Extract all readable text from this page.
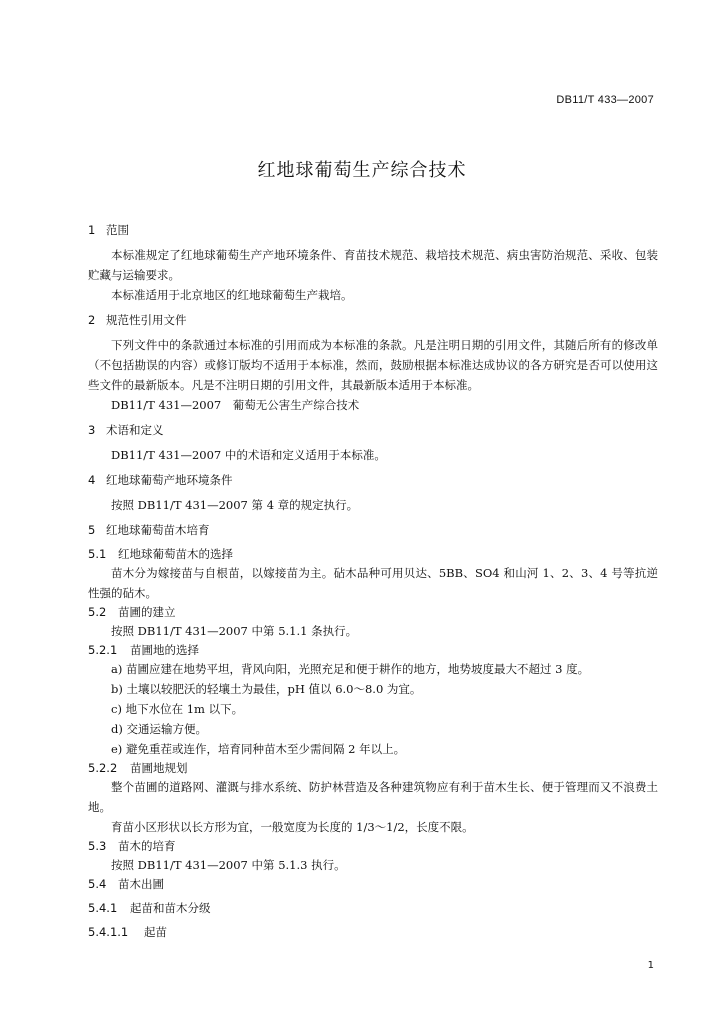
DB11/T 433—2007
红地球葡萄生产综合技术
1 范围
本标准规定了红地球葡萄生产产地环境条件、育苗技术规范、栽培技术规范、病虫害防治规范、采收、包装贮藏与运输要求。
本标准适用于北京地区的红地球葡萄生产栽培。
2 规范性引用文件
下列文件中的条款通过本标准的引用而成为本标准的条款。凡是注明日期的引用文件，其随后所有的修改单（不包括勘误的内容）或修订版均不适用于本标准，然而，鼓励根据本标准达成协议的各方研究是否可以使用这些文件的最新版本。凡是不注明日期的引用文件，其最新版本适用于本标准。
DB11/T 431—2007　葡萄无公害生产综合技术
3 术语和定义
DB11/T 431—2007 中的术语和定义适用于本标准。
4 红地球葡萄产地环境条件
按照 DB11/T 431—2007 第 4 章的规定执行。
5 红地球葡萄苗木培育
5.1 红地球葡萄苗木的选择
苗木分为嫁接苗与自根苗，以嫁接苗为主。砧木品种可用贝达、5BB、SO4 和山河 1、2、3、4 号等抗逆性强的砧木。
5.2 苗圃的建立
按照 DB11/T 431—2007 中第 5.1.1 条执行。
5.2.1 苗圃地的选择
a) 苗圃应建在地势平坦，背风向阳，光照充足和便于耕作的地方，地势坡度最大不超过 3 度。
b) 土壤以较肥沃的轻壤土为最佳，pH 值以 6.0～8.0 为宜。
c) 地下水位在 1m 以下。
d) 交通运输方便。
e) 避免重茬或连作，培育同种苗木至少需间隔 2 年以上。
5.2.2 苗圃地规划
整个苗圃的道路网、灌溉与排水系统、防护林营造及各种建筑物应有利于苗木生长、便于管理而又不浪费土地。
育苗小区形状以长方形为宜，一般宽度为长度的 1/3～1/2，长度不限。
5.3 苗木的培育
按照 DB11/T 431—2007 中第 5.1.3 执行。
5.4 苗木出圃
5.4.1 起苗和苗木分级
5.4.1.1 起苗
1
